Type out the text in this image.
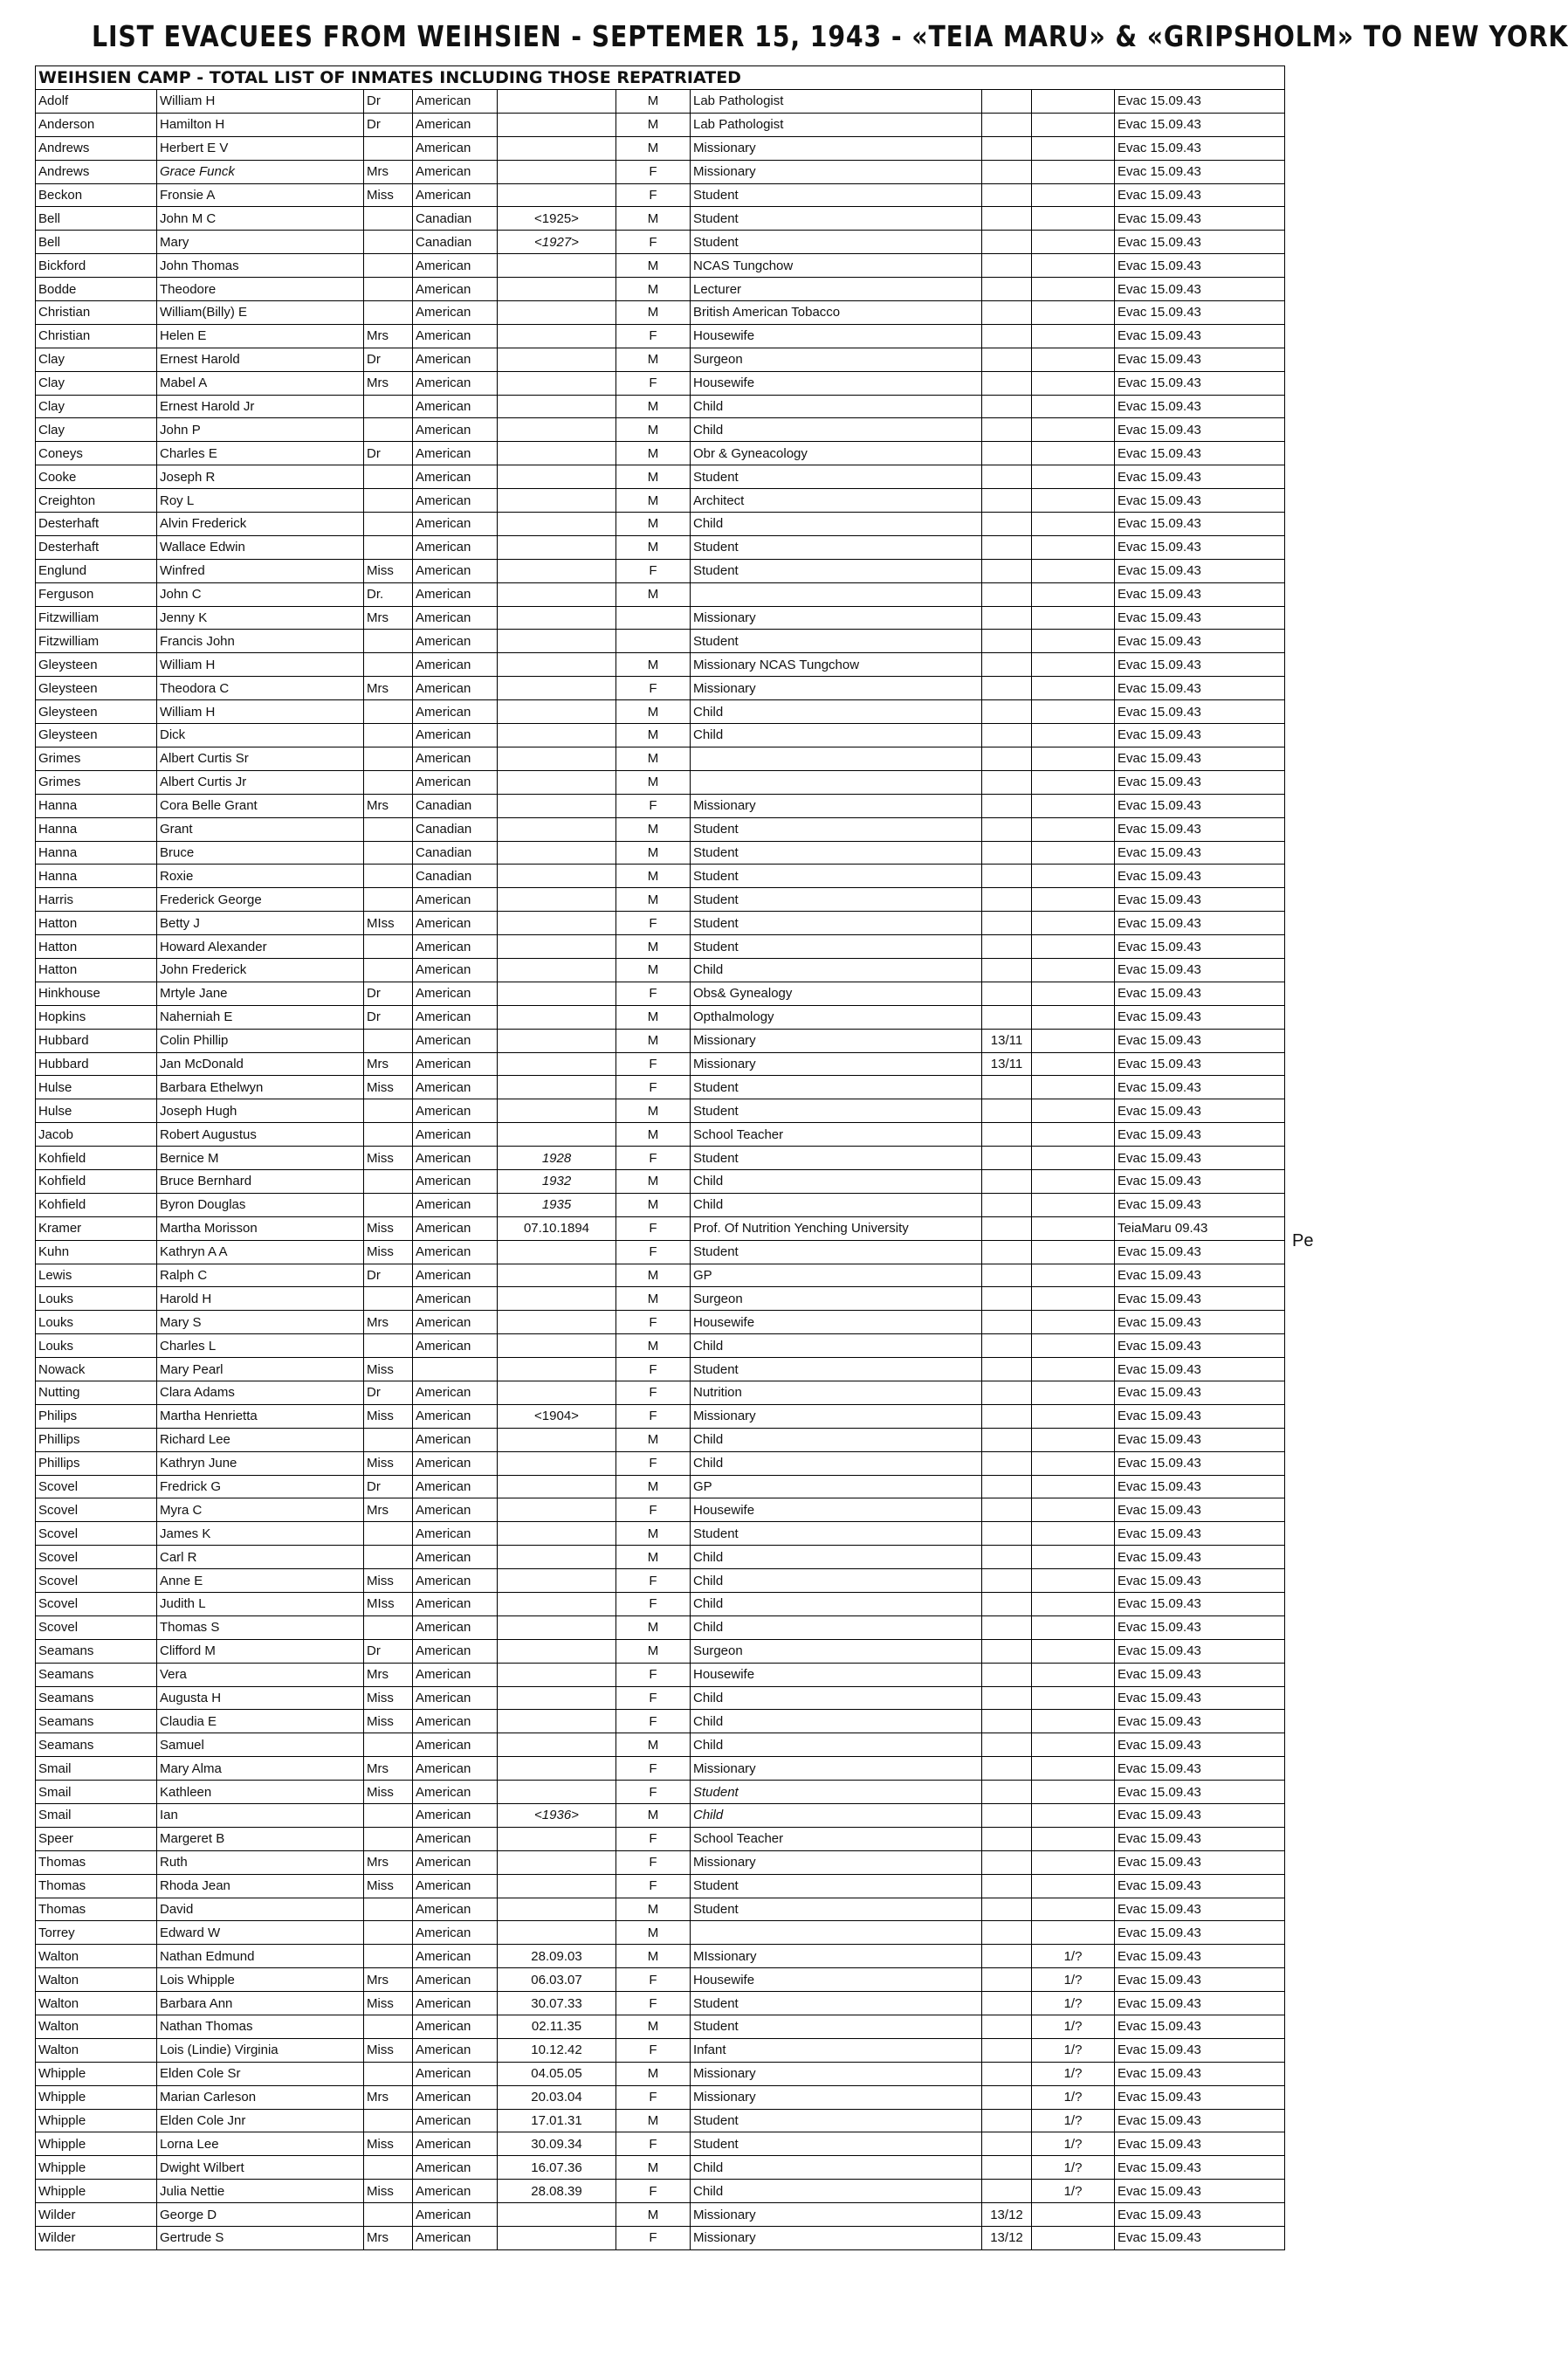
LIST EVACUEES FROM WEIHSIEN - SEPTEMER 15, 1943 - «TEIA MARU» & «GRIPSHOLM» TO NEW YORK
WEIHSIEN CAMP - TOTAL LIST OF INMATES INCLUDING THOSE REPATRIATED									
Adolf	William H	Dr	American		M	Lab Pathologist			Evac 15.09.43
Anderson	Hamilton H	Dr	American		M	Lab Pathologist			Evac 15.09.43
Andrews	Herbert E V		American		M	Missionary			Evac 15.09.43
Andrews	Grace Funck	Mrs	American		F	Missionary			Evac 15.09.43
Beckon	Fronsie A	Miss	American		F	Student			Evac 15.09.43
Bell	John M C		Canadian	<1925>	M	Student			Evac 15.09.43
Bell	Mary		Canadian	<1927>	F	Student			Evac 15.09.43
Bickford	John Thomas		American		M	NCAS Tungchow			Evac 15.09.43
Bodde	Theodore		American		M	Lecturer			Evac 15.09.43
Christian	William(Billy) E		American		M	British American Tobacco			Evac 15.09.43
Christian	Helen E	Mrs	American		F	Housewife			Evac 15.09.43
Clay	Ernest Harold	Dr	American		M	Surgeon			Evac 15.09.43
Clay	Mabel A	Mrs	American		F	Housewife			Evac 15.09.43
Clay	Ernest Harold Jr		American		M	Child			Evac 15.09.43
Clay	John P		American		M	Child			Evac 15.09.43
Coneys	Charles E	Dr	American		M	Obr & Gyneacology			Evac 15.09.43
Cooke	Joseph R		American		M	Student			Evac 15.09.43
Creighton	Roy L		American		M	Architect			Evac 15.09.43
Desterhaft	Alvin Frederick		American		M	Child			Evac 15.09.43
Desterhaft	Wallace Edwin		American		M	Student			Evac 15.09.43
Englund	Winfred	Miss	American		F	Student			Evac 15.09.43
Ferguson	John C	Dr.	American		M				Evac 15.09.43
Fitzwilliam	Jenny K	Mrs	American			Missionary			Evac 15.09.43
Fitzwilliam	Francis John		American			Student			Evac 15.09.43
Gleysteen	William H		American		M	Missionary NCAS Tungchow			Evac 15.09.43
Gleysteen	Theodora C	Mrs	American		F	Missionary			Evac 15.09.43
Gleysteen	William H		American		M	Child			Evac 15.09.43
Gleysteen	Dick		American		M	Child			Evac 15.09.43
Grimes	Albert Curtis Sr		American		M				Evac 15.09.43
Grimes	Albert Curtis Jr		American		M				Evac 15.09.43
Hanna	Cora Belle Grant	Mrs	Canadian		F	Missionary			Evac 15.09.43
Hanna	Grant		Canadian		M	Student			Evac 15.09.43
Hanna	Bruce		Canadian		M	Student			Evac 15.09.43
Hanna	Roxie		Canadian		M	Student			Evac 15.09.43
Harris	Frederick George		American		M	Student			Evac 15.09.43
Hatton	Betty J	MIss	American		F	Student			Evac 15.09.43
Hatton	Howard Alexander		American		M	Student			Evac 15.09.43
Hatton	John Frederick		American		M	Child			Evac 15.09.43
Hinkhouse	Mrtyle Jane	Dr	American		F	Obs& Gynealogy			Evac 15.09.43
Hopkins	Naherniah E	Dr	American		M	Opthalmology			Evac 15.09.43
Hubbard	Colin Phillip		American		M	Missionary	13/11		Evac 15.09.43
Hubbard	Jan McDonald	Mrs	American		F	Missionary	13/11		Evac 15.09.43
Hulse	Barbara Ethelwyn	Miss	American		F	Student			Evac 15.09.43
Hulse	Joseph Hugh		American		M	Student			Evac 15.09.43
Jacob	Robert Augustus		American		M	School Teacher			Evac 15.09.43
Kohfield	Bernice M	Miss	American	1928	F	Student			Evac 15.09.43
Kohfield	Bruce Bernhard		American	1932	M	Child			Evac 15.09.43
Kohfield	Byron Douglas		American	1935	M	Child			Evac 15.09.43
Kramer	Martha Morisson	Miss	American	07.10.1894	F	Prof. Of Nutrition Yenching University			TeiaMaru 09.43
Kuhn	Kathryn A A	Miss	American		F	Student			Evac 15.09.43
Lewis	Ralph C	Dr	American		M	GP			Evac 15.09.43
Louks	Harold H		American		M	Surgeon			Evac 15.09.43
Louks	Mary S	Mrs	American		F	Housewife			Evac 15.09.43
Louks	Charles L		American		M	Child			Evac 15.09.43
Nowack	Mary Pearl	Miss			F	Student			Evac 15.09.43
Nutting	Clara Adams	Dr	American		F	Nutrition			Evac 15.09.43
Philips	Martha Henrietta	Miss	American	<1904>	F	Missionary			Evac 15.09.43
Phillips	Richard Lee		American		M	Child			Evac 15.09.43
Phillips	Kathryn June	Miss	American		F	Child			Evac 15.09.43
Scovel	Fredrick G	Dr	American		M	GP			Evac 15.09.43
Scovel	Myra C	Mrs	American		F	Housewife			Evac 15.09.43
Scovel	James K		American		M	Student			Evac 15.09.43
Scovel	Carl R		American		M	Child			Evac 15.09.43
Scovel	Anne E	Miss	American		F	Child			Evac 15.09.43
Scovel	Judith L	MIss	American		F	Child			Evac 15.09.43
Scovel	Thomas S		American		M	Child			Evac 15.09.43
Seamans	Clifford M	Dr	American		M	Surgeon			Evac 15.09.43
Seamans	Vera	Mrs	American		F	Housewife			Evac 15.09.43
Seamans	Augusta H	Miss	American		F	Child			Evac 15.09.43
Seamans	Claudia E	Miss	American		F	Child			Evac 15.09.43
Seamans	Samuel		American		M	Child			Evac 15.09.43
Smail	Mary Alma	Mrs	American		F	Missionary			Evac 15.09.43
Smail	Kathleen	Miss	American		F	Student			Evac 15.09.43
Smail	Ian		American	<1936>	M	Child			Evac 15.09.43
Speer	Margeret B		American		F	School Teacher			Evac 15.09.43
Thomas	Ruth	Mrs	American		F	Missionary			Evac 15.09.43
Thomas	Rhoda Jean	Miss	American		F	Student			Evac 15.09.43
Thomas	David		American		M	Student			Evac 15.09.43
Torrey	Edward W		American		M				Evac 15.09.43
Walton	Nathan Edmund		American	28.09.03	M	MIssionary		1/?	Evac 15.09.43
Walton	Lois Whipple	Mrs	American	06.03.07	F	Housewife		1/?	Evac 15.09.43
Walton	Barbara Ann	Miss	American	30.07.33	F	Student		1/?	Evac 15.09.43
Walton	Nathan Thomas		American	02.11.35	M	Student		1/?	Evac 15.09.43
Walton	Lois (Lindie) Virginia	Miss	American	10.12.42	F	Infant		1/?	Evac 15.09.43
Whipple	Elden Cole Sr		American	04.05.05	M	Missionary		1/?	Evac 15.09.43
Whipple	Marian Carleson	Mrs	American	20.03.04	F	Missionary		1/?	Evac 15.09.43
Whipple	Elden Cole Jnr		American	17.01.31	M	Student		1/?	Evac 15.09.43
Whipple	Lorna Lee	Miss	American	30.09.34	F	Student		1/?	Evac 15.09.43
Whipple	Dwight Wilbert		American	16.07.36	M	Child		1/?	Evac 15.09.43
Whipple	Julia Nettie	Miss	American	28.08.39	F	Child		1/?	Evac 15.09.43
Wilder	George D		American		M	Missionary	13/12		Evac 15.09.43
Wilder	Gertrude S	Mrs	American		F	Missionary	13/12		Evac 15.09.43
Pe
